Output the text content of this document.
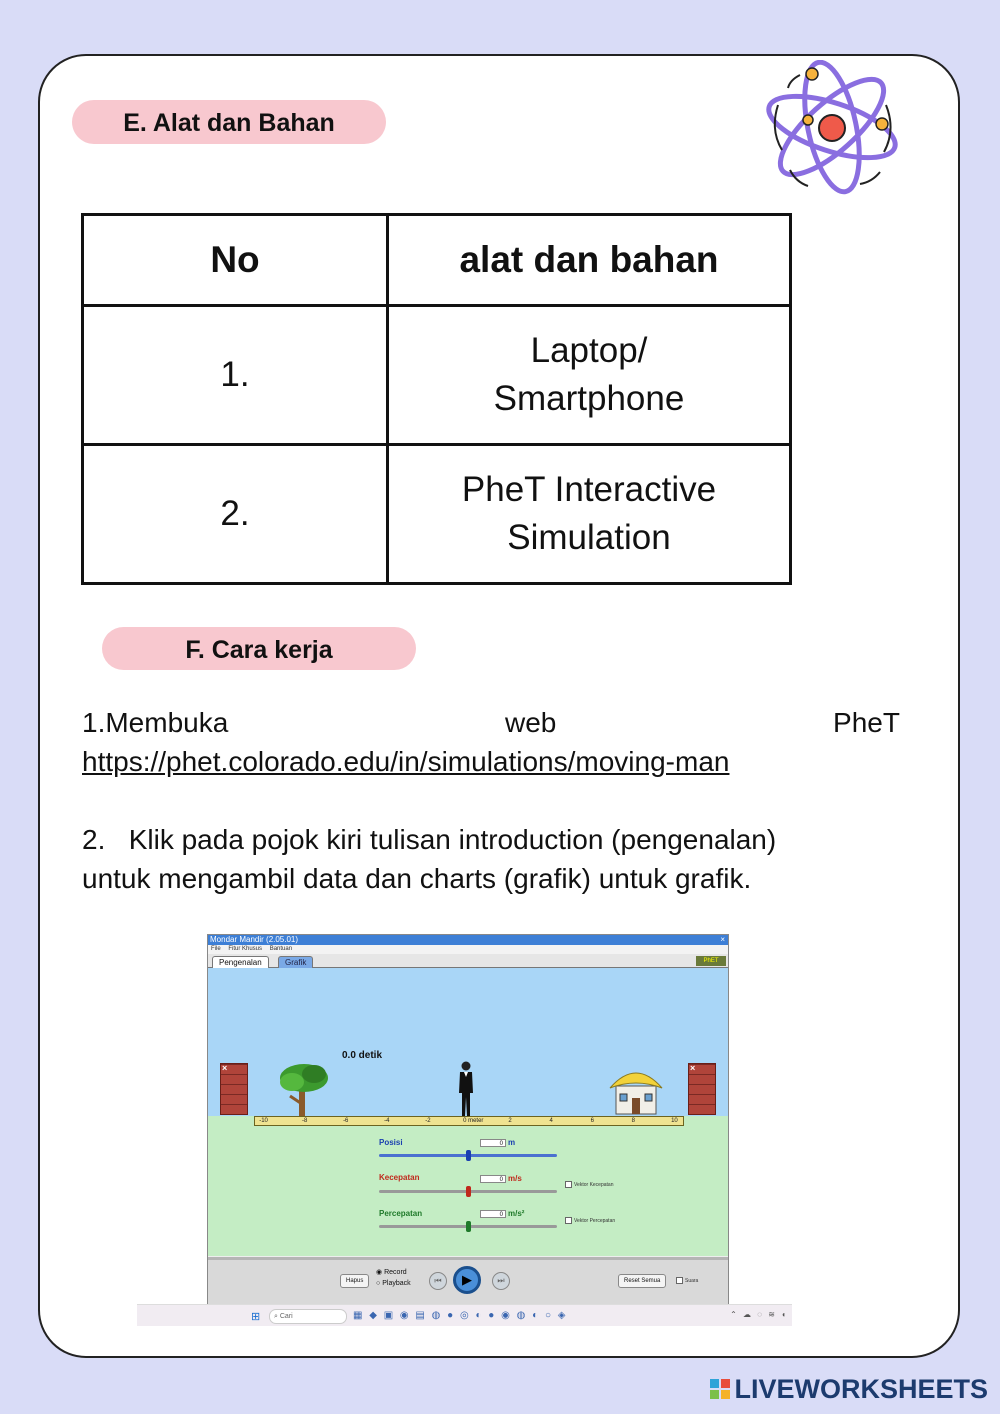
E. Alat dan Bahan
No	alat dan bahan
1.	Laptop/
Smartphone

2.	PheT Interactive
Simulation
F. Cara kerja
1.Membuka	web	PheT
https://phet.colorado.edu/in/simulations/moving-man
2. Klik pada pojok kiri tulisan introduction (pengenalan)
untuk mengambil data dan charts (grafik) untuk grafik.
Mondar Mandir (2.05.01)	×
File Fitur Khusus Bantuan
Pengenalan	Grafik	PhET
0.0 detik
×	×
-10	-8	-6	-4	-2	0 meter	2	4	6	8	10
Posisi	0 m
Kecepatan	0 m/s
Vektor Kecepatan
Percepatan	0 m/s²
Vektor Percepatan
Hapus
◉ Record
○ Playback	⏮	▶	⏭	Reset Semua	Suara
⊞	⌕ Cari	▦ ◆ ▣ ◉ ▤ ◍ ● ◎ ◐ ● ◉ ◍ ◐ ○ ◈	⌃ ☁ ◌ ≋ ◖
LIVEWORKSHEETS
